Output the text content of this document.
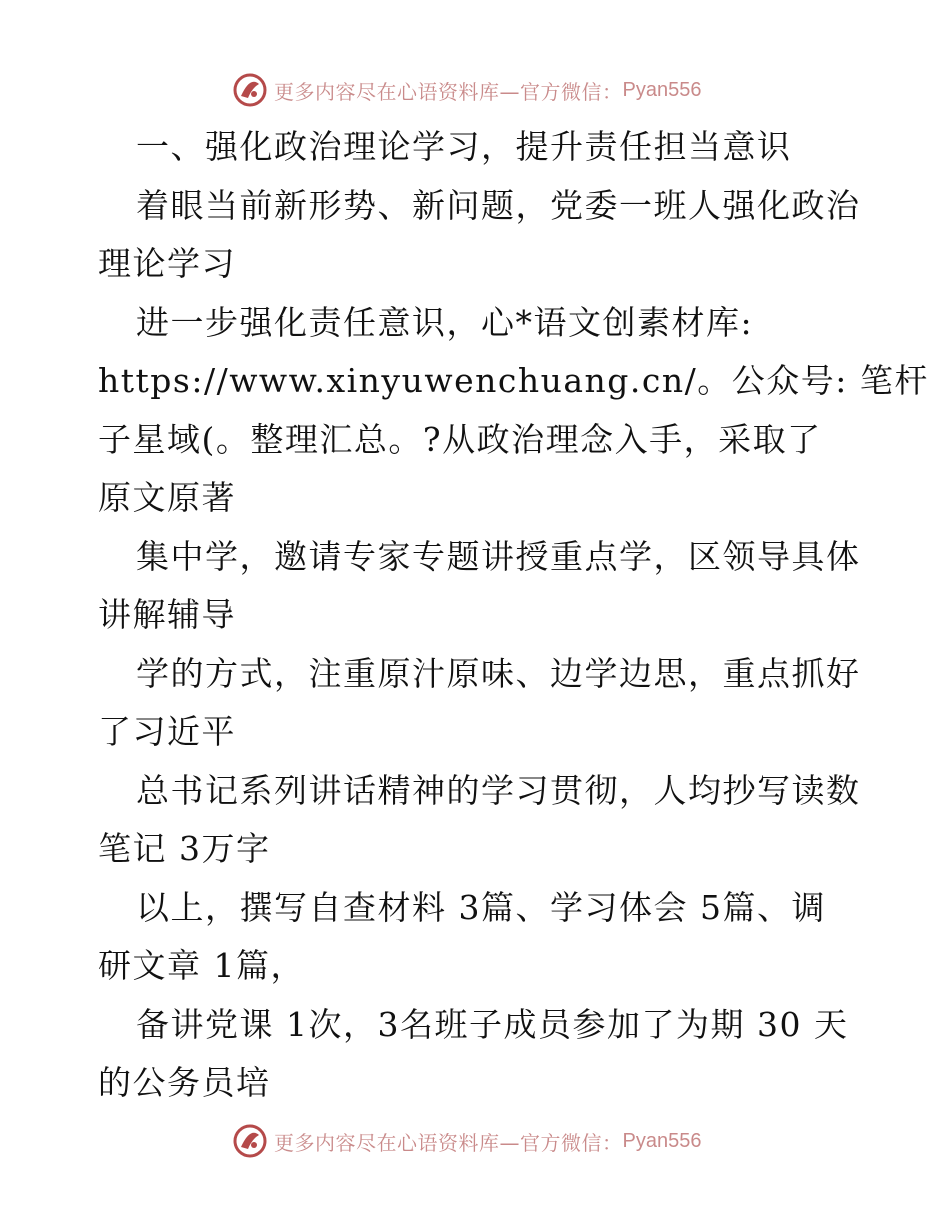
更多内容尽在心语资料库—官方微信： Pyan556
一、强化政治理论学习，提升责任担当意识
着眼当前新形势、新问题，党委一班人强化政治
理论学习
进一步强化责任意识，心*语文创素材库:
https://www.xinyuwenchuang.cn/。公众号: 笔杆
子星域(。整理汇总。?从政治理念入手，采取了
原文原著
集中学，邀请专家专题讲授重点学，区领导具体
讲解辅导
学的方式，注重原汁原味、边学边思，重点抓好
了习近平
总书记系列讲话精神的学习贯彻，人均抄写读数
笔记 3万字
以上，撰写自查材料 3篇、学习体会 5篇、调
研文章 1篇，
备讲党课 1次，3名班子成员参加了为期 30 天
的公务员培
更多内容尽在心语资料库—官方微信： Pyan556
